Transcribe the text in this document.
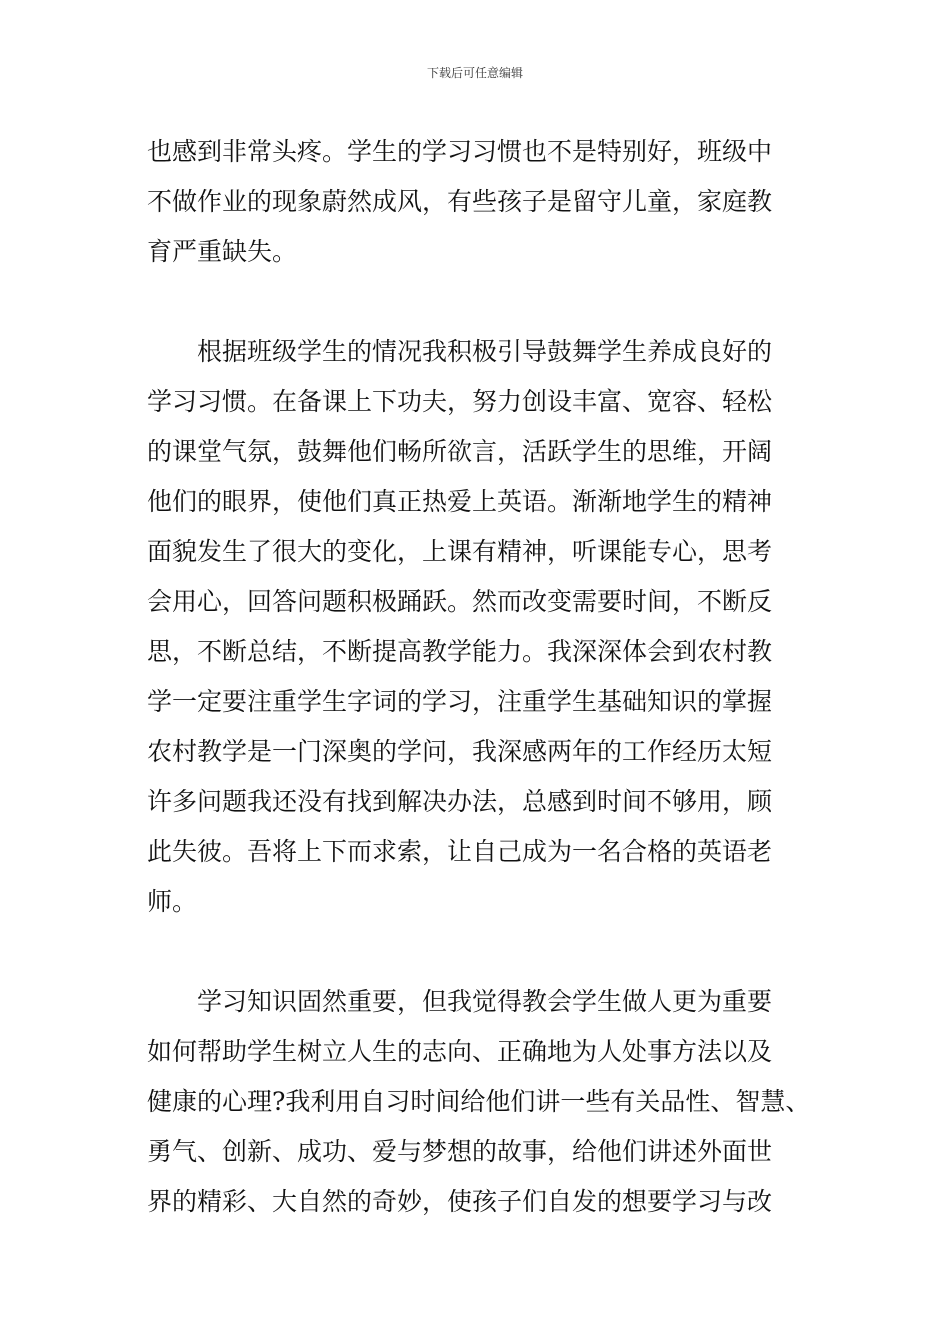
下载后可任意编辑
也感到非常头疼。学生的学习习惯也不是特别好，班级中
不做作业的现象蔚然成风，有些孩子是留守儿童，家庭教
育严重缺失。
根据班级学生的情况我积极引导鼓舞学生养成良好的
学习习惯。在备课上下功夫，努力创设丰富、宽容、轻松
的课堂气氛，鼓舞他们畅所欲言，活跃学生的思维，开阔
他们的眼界，使他们真正热爱上英语。渐渐地学生的精神
面貌发生了很大的变化，上课有精神，听课能专心，思考
会用心，回答问题积极踊跃。然而改变需要时间，不断反
思，不断总结，不断提高教学能力。我深深体会到农村教
学一定要注重学生字词的学习，注重学生基础知识的掌握
农村教学是一门深奥的学问，我深感两年的工作经历太短
许多问题我还没有找到解决办法，总感到时间不够用，顾
此失彼。吾将上下而求索，让自己成为一名合格的英语老
师。
学习知识固然重要，但我觉得教会学生做人更为重要
如何帮助学生树立人生的志向、正确地为人处事方法以及
健康的心理?我利用自习时间给他们讲一些有关品性、智慧、
勇气、创新、成功、爱与梦想的故事，给他们讲述外面世
界的精彩、大自然的奇妙，使孩子们自发的想要学习与改
